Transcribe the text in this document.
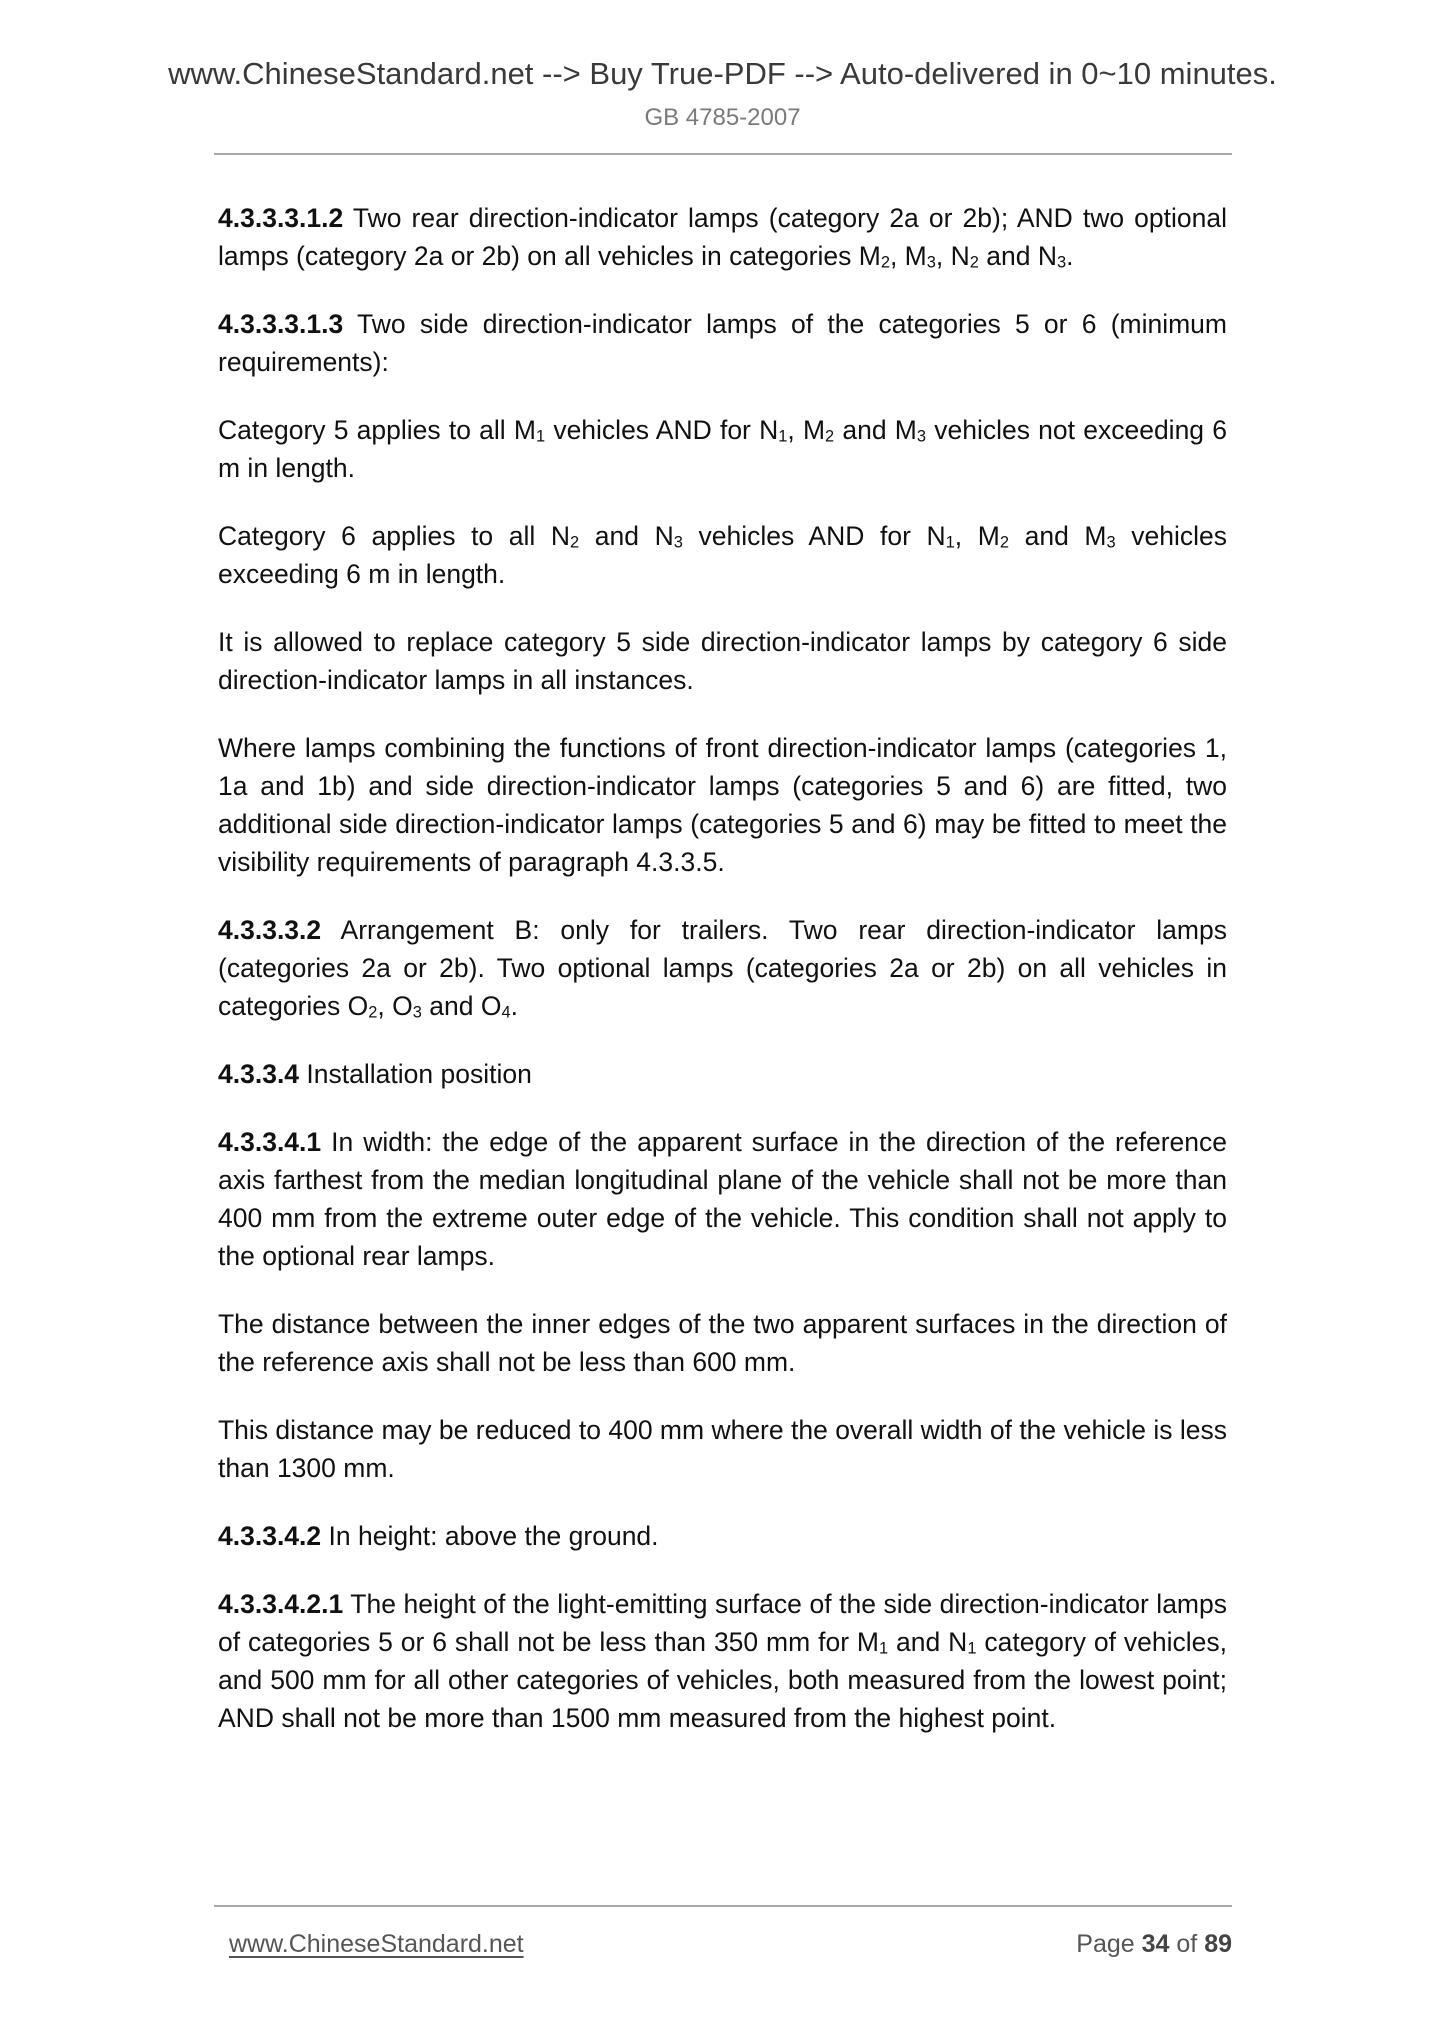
www.ChineseStandard.net --> Buy True-PDF --> Auto-delivered in 0~10 minutes.
GB 4785-2007

4.3.3.3.1.2 Two rear direction-indicator lamps (category 2a or 2b); AND two optional lamps (category 2a or 2b) on all vehicles in categories $M_2$, $M_3$, $N_2$ and $N_3$.

4.3.3.3.1.3 Two side direction-indicator lamps of the categories 5 or 6 (minimum requirements):

Category 5 applies to all $M_1$ vehicles AND for $N_1$, $M_2$ and $M_3$ vehicles not exceeding 6 m in length.

Category 6 applies to all $N_2$ and $N_3$ vehicles AND for $N_1$, $M_2$ and $M_3$ vehicles exceeding 6 m in length.

It is allowed to replace category 5 side direction-indicator lamps by category 6 side direction-indicator lamps in all instances.

Where lamps combining the functions of front direction-indicator lamps (categories 1, 1a and 1b) and side direction-indicator lamps (categories 5 and 6) are fitted, two additional side direction-indicator lamps (categories 5 and 6) may be fitted to meet the visibility requirements of paragraph 4.3.3.5.

4.3.3.3.2 Arrangement B: only for trailers. Two rear direction-indicator lamps (categories 2a or 2b). Two optional lamps (categories 2a or 2b) on all vehicles in categories $O_2$, $O_3$ and $O_4$.

4.3.3.4 Installation position

4.3.3.4.1 In width: the edge of the apparent surface in the direction of the reference axis farthest from the median longitudinal plane of the vehicle shall not be more than 400 mm from the extreme outer edge of the vehicle. This condition shall not apply to the optional rear lamps.

The distance between the inner edges of the two apparent surfaces in the direction of the reference axis shall not be less than 600 mm.

This distance may be reduced to 400 mm where the overall width of the vehicle is less than 1300 mm.

4.3.3.4.2 In height: above the ground.

4.3.3.4.2.1 The height of the light-emitting surface of the side direction-indicator lamps of categories 5 or 6 shall not be less than 350 mm for $M_1$ and $N_1$ category of vehicles, and 500 mm for all other categories of vehicles, both measured from the lowest point; AND shall not be more than 1500 mm measured from the highest point.

www.ChineseStandard.net	Page 34 of 89
